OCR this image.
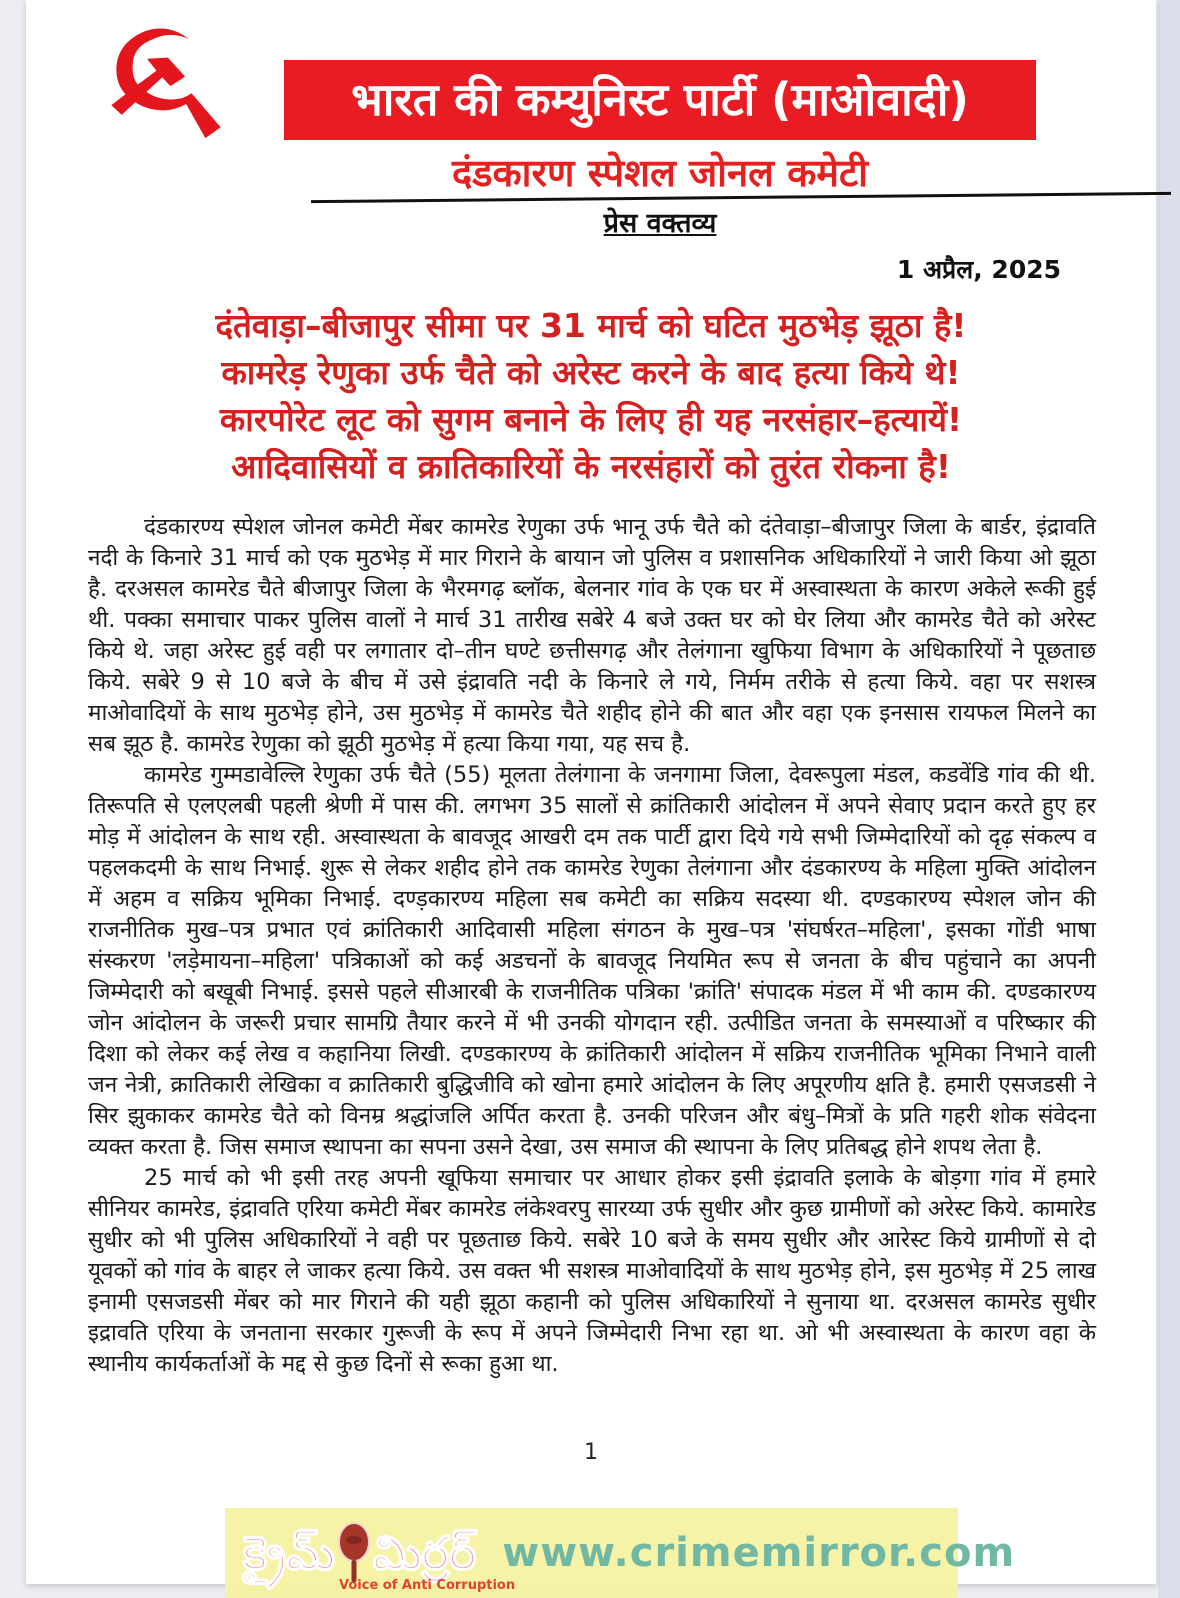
☭	भारत की कम्युनिस्ट पार्टी (माओवादी)
दंडकारण स्पेशल जोनल कमेटी
प्रेस वक्तव्य
1 अप्रैल, 2025
दंतेवाड़ा–बीजापुर सीमा पर 31 मार्च को घटित मुठभेड़ झूठा है!
कामरेड़ रेणुका उर्फ चैते को अरेस्ट करने के बाद हत्या किये थे!
कारपोरेट लूट को सुगम बनाने के लिए ही यह नरसंहार–हत्यायें!
आदिवासियों व क्रातिकारियों के नरसंहारों को तुरंत रोकना है!

दंडकारण्य स्पेशल जोनल कमेटी मेंबर कामरेड रेणुका उर्फ भानू उर्फ चैते को दंतेवाड़ा–बीजापुर जिला के बार्डर, इंद्रावति नदी के किनारे 31 मार्च को एक मुठभेड़ में मार गिराने के बायान जो पुलिस व प्रशासनिक अधिकारियों ने जारी किया ओ झूठा है. दरअसल कामरेड चैते बीजापुर जिला के भैरमगढ़ ब्लॉक, बेलनार गांव के एक घर में अस्वास्थता के कारण अकेले रूकी हुई थी. पक्का समाचार पाकर पुलिस वालों ने मार्च 31 तारीख सबेरे 4 बजे उक्त घर को घेर लिया और कामरेड चैते को अरेस्ट किये थे. जहा अरेस्ट हुई वही पर लगातार दो–तीन घण्टे छत्तीसगढ़ और तेलंगाना खुफिया विभाग के अधिकारियों ने पूछताछ किये. सबेरे 9 से 10 बजे के बीच में उसे इंद्रावति नदी के किनारे ले गये, निर्मम तरीके से हत्या किये. वहा पर सशस्त्र माओवादियों के साथ मुठभेड़ होने, उस मुठभेड़ में कामरेड चैते शहीद होने की बात और वहा एक इनसास रायफल मिलने का सब झूठ है. कामरेड रेणुका को झूठी मुठभेड़ में हत्या किया गया, यह सच है.

कामरेड गुम्मडावेल्लि रेणुका उर्फ चैते (55) मूलता तेलंगाना के जनगामा जिला, देवरूपुला मंडल, कडवेंडि गांव की थी. तिरूपति से एलएलबी पहली श्रेणी में पास की. लगभग 35 सालों से क्रांतिकारी आंदोलन में अपने सेवाए प्रदान करते हुए हर मोड़ में आंदोलन के साथ रही. अस्वास्थता के बावजूद आखरी दम तक पार्टी द्वारा दिये गये सभी जिम्मेदारियों को दृढ़ संकल्प व पहलकदमी के साथ निभाई. शुरू से लेकर शहीद होने तक कामरेड रेणुका तेलंगाना और दंडकारण्य के महिला मुक्ति आंदोलन में अहम व सक्रिय भूमिका निभाई. दण्ड़कारण्य महिला सब कमेटी का सक्रिय सदस्या थी. दण्डकारण्य स्पेशल जोन की राजनीतिक मुख–पत्र प्रभात एवं क्रांतिकारी आदिवासी महिला संगठन के मुख–पत्र 'संघर्षरत–महिला', इसका गोंडी भाषा संस्करण 'लड़ेमायना–महिला' पत्रिकाओं को कई अडचनों के बावजूद नियमित रूप से जनता के बीच पहुंचाने का अपनी जिम्मेदारी को बखूबी निभाई. इससे पहले सीआरबी के राजनीतिक पत्रिका 'क्रांति' संपादक मंडल में भी काम की. दण्डकारण्य जोन आंदोलन के जरूरी प्रचार सामग्रि तैयार करने में भी उनकी योगदान रही. उत्पीडित जनता के समस्याओं व परिष्कार की दिशा को लेकर कई लेख व कहानिया लिखी. दण्डकारण्य के क्रांतिकारी आंदोलन में सक्रिय राजनीतिक भूमिका निभाने वाली जन नेत्री, क्रातिकारी लेखिका व क्रातिकारी बुद्धिजीवि को खोना हमारे आंदोलन के लिए अपूरणीय क्षति है. हमारी एसजडसी ने सिर झुकाकर कामरेड चैते को विनम्र श्रद्धांजलि अर्पित करता है. उनकी परिजन और बंधु–मित्रों के प्रति गहरी शोक संवेदना व्यक्त करता है. जिस समाज स्थापना का सपना उसने देखा, उस समाज की स्थापना के लिए प्रतिबद्ध होने शपथ लेता है.

25 मार्च को भी इसी तरह अपनी खूफिया समाचार पर आधार होकर इसी इंद्रावति इलाके के बोड़गा गांव में हमारे सीनियर कामरेड, इंद्रावति एरिया कमेटी मेंबर कामरेड लंकेश्वरपु सारय्या उर्फ सुधीर और कुछ ग्रामीणों को अरेस्ट किये. कामारेड सुधीर को भी पुलिस अधिकारियों ने वही पर पूछताछ किये. सबेरे 10 बजे के समय सुधीर और आरेस्ट किये ग्रामीणों से दो यूवकों को गांव के बाहर ले जाकर हत्या किये. उस वक्त भी सशस्त्र माओवादियों के साथ मुठभेड़ होने, इस मुठभेड़ में 25 लाख इनामी एसजडसी मेंबर को मार गिराने की यही झूठा कहानी को पुलिस अधिकारियों ने सुनाया था. दरअसल कामरेड सुधीर इद्रावति एरिया के जनताना सरकार गुरूजी के रूप में अपने जिम्मेदारी निभा रहा था. ओ भी अस्वास्थता के कारण वहा के स्थानीय कार्यकर्ताओं के मद्द से कुछ दिनों से रूका हुआ था.

1
క్రైమ్ మిర్రర్
Voice of Anti Corruption
www.crimemirror.com
